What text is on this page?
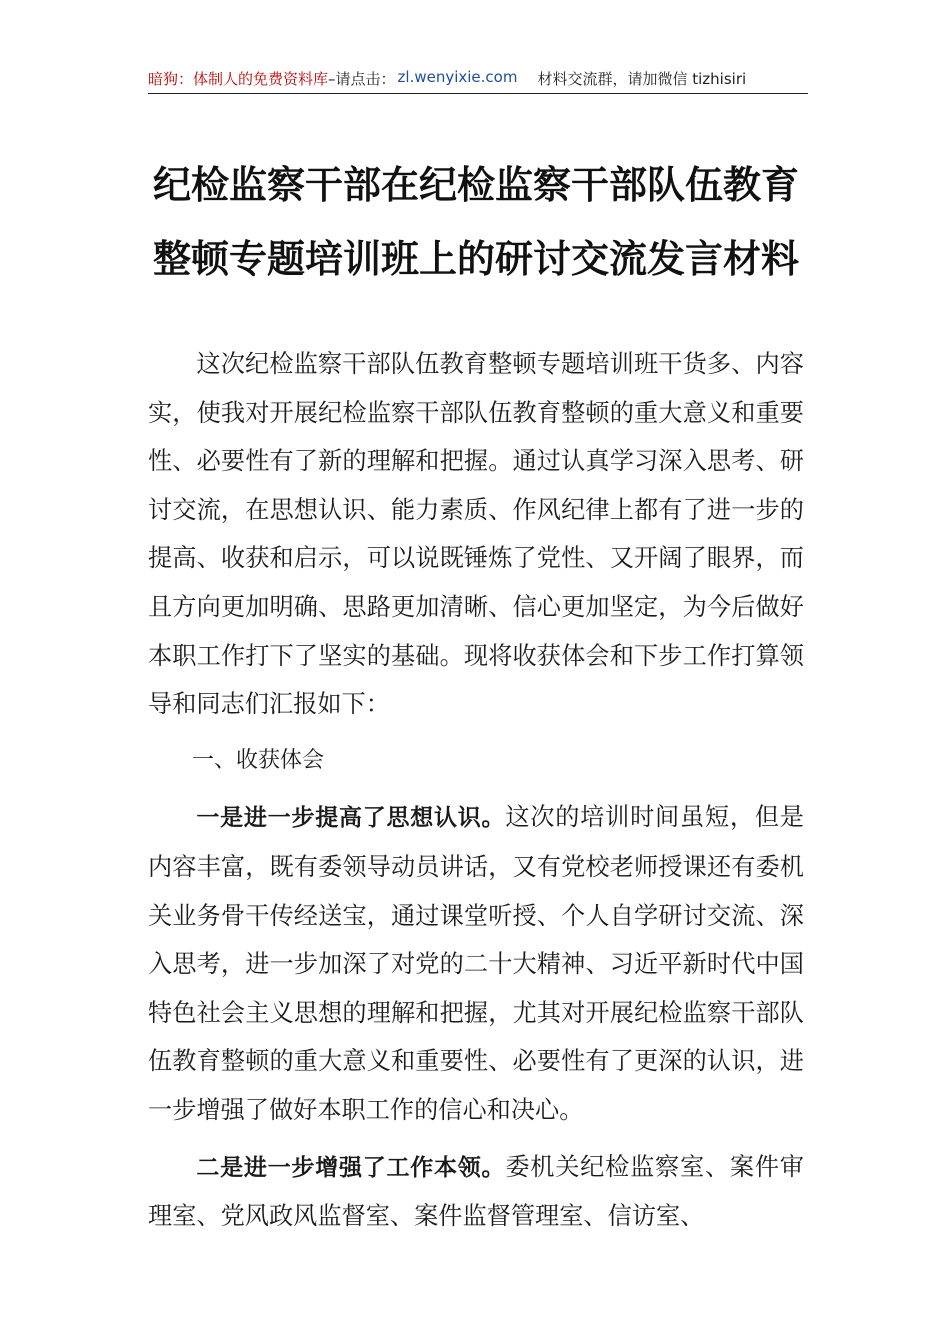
暗狗：体制人的免费资料库 –请点击： zl.wenyixie.com 材料交流群，请加微信 tizhisiri
纪检监察干部在纪检监察干部队伍教育整顿专题培训班上的研讨交流发言材料

这次纪检监察干部队伍教育整顿专题培训班干货多、内容实，使我对开展纪检监察干部队伍教育整顿的重大意义和重要性、必要性有了新的理解和把握。通过认真学习深入思考、研讨交流，在思想认识、能力素质、作风纪律上都有了进一步的提高、收获和启示，可以说既锤炼了党性、又开阔了眼界，而且方向更加明确、思路更加清晰、信心更加坚定，为今后做好本职工作打下了坚实的基础。现将收获体会和下步工作打算领导和同志们汇报如下：

一、收获体会

一是进一步提高了思想认识。这次的培训时间虽短，但是内容丰富，既有委领导动员讲话，又有党校老师授课还有委机关业务骨干传经送宝，通过课堂听授、个人自学研讨交流、深入思考，进一步加深了对党的二十大精神、习近平新时代中国特色社会主义思想的理解和把握，尤其对开展纪检监察干部队伍教育整顿的重大意义和重要性、必要性有了更深的认识，进一步增强了做好本职工作的信心和决心。

二是进一步增强了工作本领。委机关纪检监察室、案件审理室、党风政风监督室、案件监督管理室、信访室、
